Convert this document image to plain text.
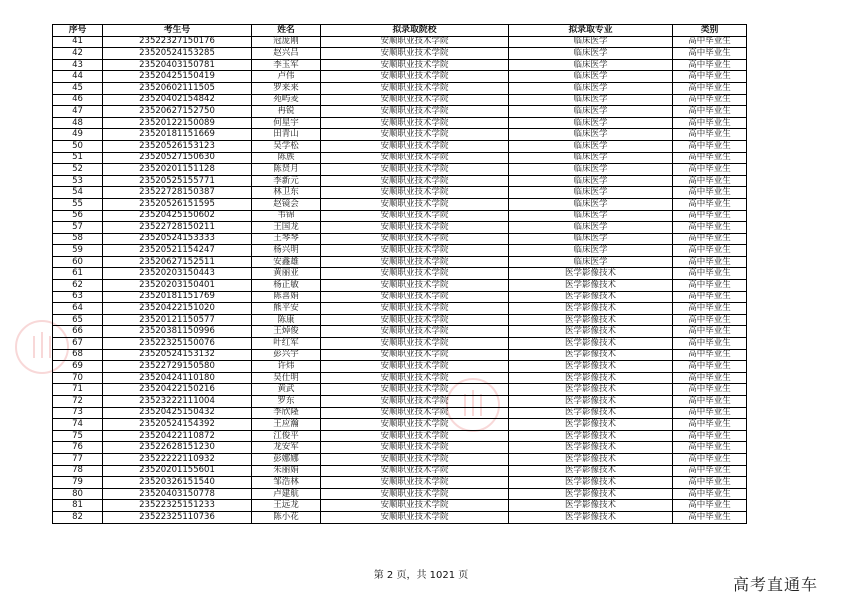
序号	考生号	姓名	拟录取院校	拟录取专业	类别
41	23522327150176	冠庞刚	安顺职业技术学院	临床医学	高中毕业生
42	23520524153285	赵兴吕	安顺职业技术学院	临床医学	高中毕业生
43	23520403150781	李玉军	安顺职业技术学院	临床医学	高中毕业生
44	23520425150419	卢伟	安顺职业技术学院	临床医学	高中毕业生
45	23520602111505	罗来来	安顺职业技术学院	临床医学	高中毕业生
46	23520402154842	苑屿麦	安顺职业技术学院	临床医学	高中毕业生
47	23520627152750	冉锐	安顺职业技术学院	临床医学	高中毕业生
48	23520122150089	何星宇	安顺职业技术学院	临床医学	高中毕业生
49	23520181151669	田青山	安顺职业技术学院	临床医学	高中毕业生
50	23520526153123	吴学松	安顺职业技术学院	临床医学	高中毕业生
51	23520527150630	陈族	安顺职业技术学院	临床医学	高中毕业生
52	23520201151128	陈贤月	安顺职业技术学院	临床医学	高中毕业生
53	23520525155771	李新元	安顺职业技术学院	临床医学	高中毕业生
54	23522728150387	林卫东	安顺职业技术学院	临床医学	高中毕业生
55	23520526151595	赵镜会	安顺职业技术学院	临床医学	高中毕业生
56	23520425150602	韦锦	安顺职业技术学院	临床医学	高中毕业生
57	23522728150211	王国龙	安顺职业技术学院	临床医学	高中毕业生
58	23520524153333	王琴琴	安顺职业技术学院	临床医学	高中毕业生
59	23520521154247	杨兴明	安顺职业技术学院	临床医学	高中毕业生
60	23520627152511	安鑫雄	安顺职业技术学院	临床医学	高中毕业生
61	23520203150443	黄丽亚	安顺职业技术学院	医学影像技术	高中毕业生
62	23520203150401	杨正敏	安顺职业技术学院	医学影像技术	高中毕业生
63	23520181151769	陈喜娟	安顺职业技术学院	医学影像技术	高中毕业生
64	23520422151020	熊平安	安顺职业技术学院	医学影像技术	高中毕业生
65	23520121150577	陈康	安顺职业技术学院	医学影像技术	高中毕业生
66	23520381150996	王焯俊	安顺职业技术学院	医学影像技术	高中毕业生
67	23522325150076	叶红军	安顺职业技术学院	医学影像技术	高中毕业生
68	23520524153132	彭兴宇	安顺职业技术学院	医学影像技术	高中毕业生
69	23522729150580	许炜	安顺职业技术学院	医学影像技术	高中毕业生
70	23520424110180	吴仕明	安顺职业技术学院	医学影像技术	高中毕业生
71	23520422150216	黄武	安顺职业技术学院	医学影像技术	高中毕业生
72	23523222111004	罗东	安顺职业技术学院	医学影像技术	高中毕业生
73	23520425150432	李欣隆	安顺职业技术学院	医学影像技术	高中毕业生
74	23520524154392	王应瀚	安顺职业技术学院	医学影像技术	高中毕业生
75	23520422110872	江俊平	安顺职业技术学院	医学影像技术	高中毕业生
76	23522628151230	龙安军	安顺职业技术学院	医学影像技术	高中毕业生
77	23522222110932	彭娜娜	安顺职业技术学院	医学影像技术	高中毕业生
78	23520201155601	朱丽娟	安顺职业技术学院	医学影像技术	高中毕业生
79	23520326151540	邹浩林	安顺职业技术学院	医学影像技术	高中毕业生
80	23520403150778	卢建航	安顺职业技术学院	医学影像技术	高中毕业生
81	23522325151233	王远龙	安顺职业技术学院	医学影像技术	高中毕业生
82	23522325110736	陈小花	安顺职业技术学院	医学影像技术	高中毕业生
第 2 页，共 1021 页	高考直通车
